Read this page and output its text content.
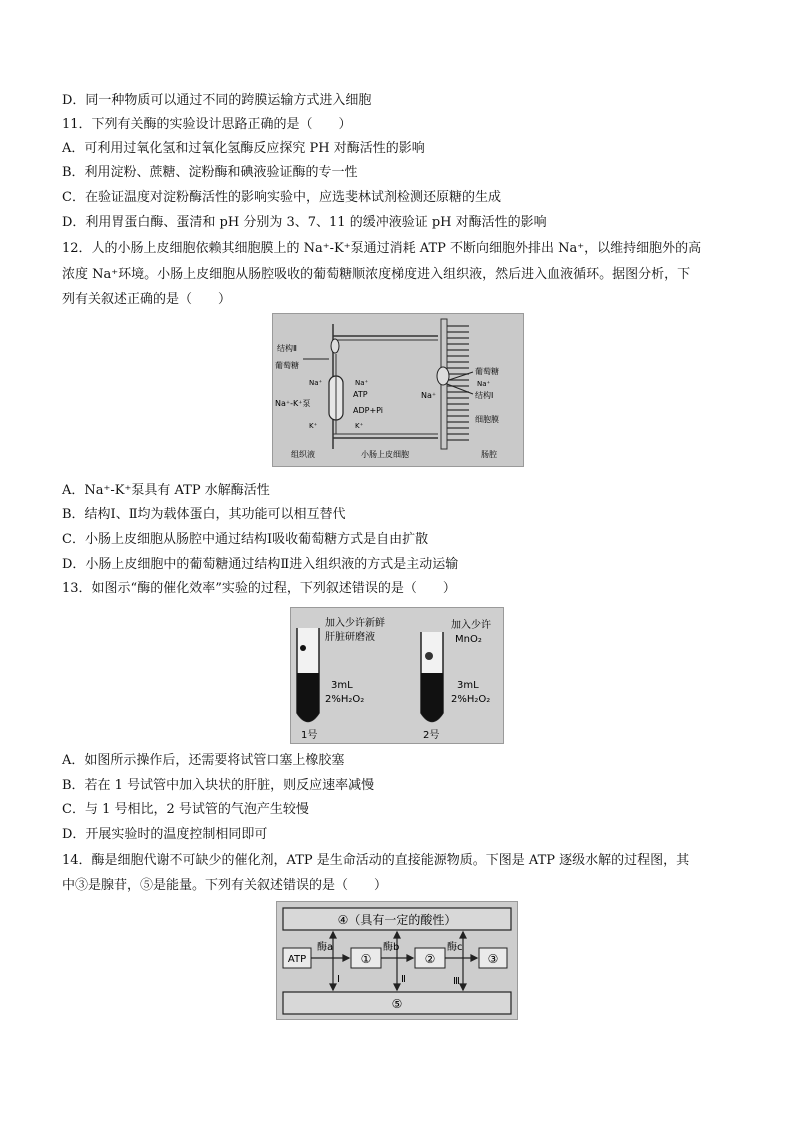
D．同一种物质可以通过不同的跨膜运输方式进入细胞
11．下列有关酶的实验设计思路正确的是（　　）
A．可利用过氧化氢和过氧化氢酶反应探究 PH 对酶活性的影响
B．利用淀粉、蔗糖、淀粉酶和碘液验证酶的专一性
C．在验证温度对淀粉酶活性的影响实验中，应选斐林试剂检测还原糖的生成
D．利用胃蛋白酶、蛋清和 pH 分别为 3、7、11 的缓冲液验证 pH 对酶活性的影响
12．人的小肠上皮细胞依赖其细胞膜上的 Na⁺-K⁺泵通过消耗 ATP 不断向细胞外排出 Na⁺，以维持细胞外的高
浓度 Na⁺环境。小肠上皮细胞从肠腔吸收的葡萄糖顺浓度梯度进入组织液，然后进入血液循环。据图分析，下
列有关叙述正确的是（　　）
结构Ⅱ
葡萄糖
Na⁺	Na⁺
ATP
Na⁺-K⁺泵
ADP+Pi
K⁺	K⁺
Na⁺
葡萄糖
Na⁺
结构Ⅰ
细胞膜
组织液	小肠上皮细胞	肠腔
A．Na⁺-K⁺泵具有 ATP 水解酶活性
B．结构Ⅰ、Ⅱ均为载体蛋白，其功能可以相互替代
C．小肠上皮细胞从肠腔中通过结构Ⅰ吸收葡萄糖方式是自由扩散
D．小肠上皮细胞中的葡萄糖通过结构Ⅱ进入组织液的方式是主动运输
13．如图示“酶的催化效率”实验的过程，下列叙述错误的是（　　）
加入少许新鲜
肝脏研磨液
3mL
2%H₂O₂
1号
加入少许
MnO₂
3mL
2%H₂O₂
2号
A．如图所示操作后，还需要将试管口塞上橡胶塞
B．若在 1 号试管中加入块状的肝脏，则反应速率减慢
C．与 1 号相比，2 号试管的气泡产生较慢
D．开展实验时的温度控制相同即可
14．酶是细胞代谢不可缺少的催化剂，ATP 是生命活动的直接能源物质。下图是 ATP 逐级水解的过程图，其
中③是腺苷，⑤是能量。下列有关叙述错误的是（　　）
④（具有一定的酸性）
⑤
ATP	①	②	③
酶a	酶b	酶c
Ⅰ	Ⅱ	Ⅲ
